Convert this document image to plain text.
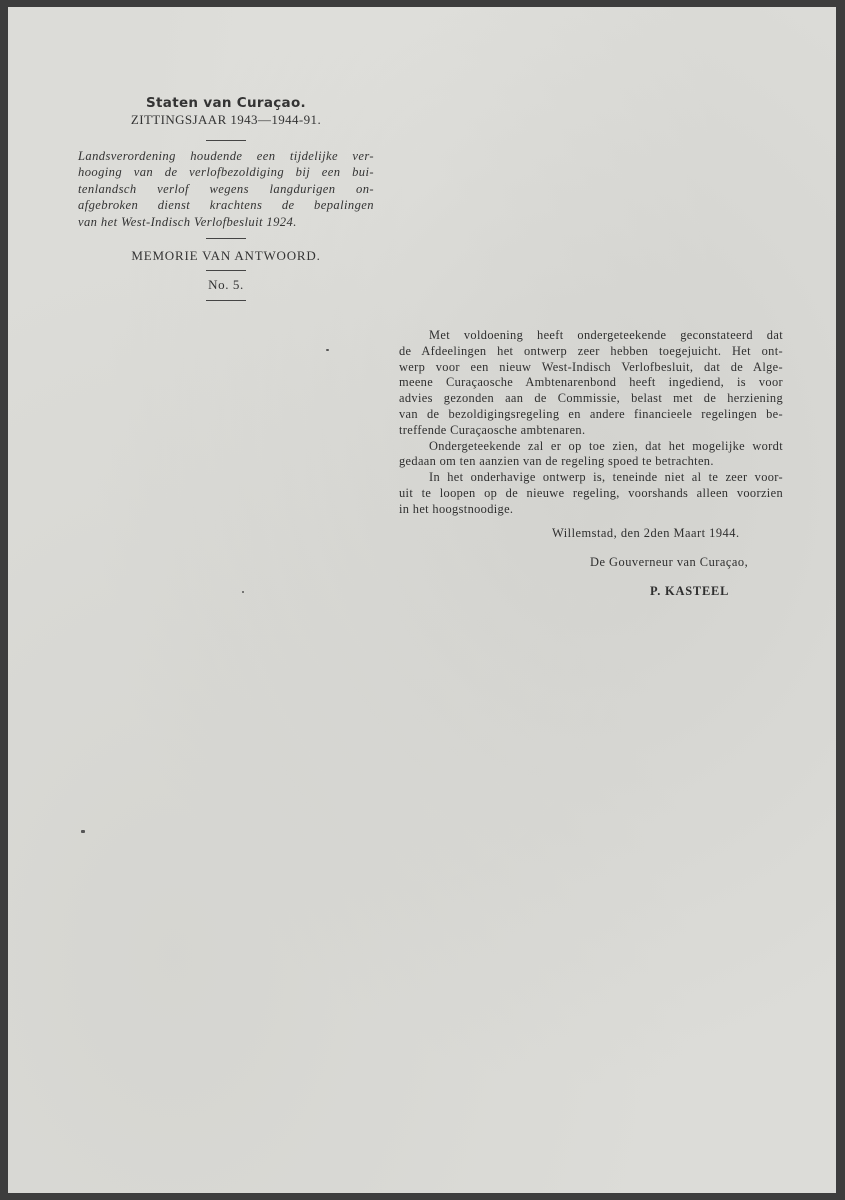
Staten van Curaçao.
ZITTINGSJAAR 1943—1944-91.
Landsverordening houdende een tijdelijke ver-
hooging van de verlofbezoldiging bij een bui-
tenlandsch verlof wegens langdurigen on-
afgebroken dienst krachtens de bepalingen
van het West-Indisch Verlofbesluit 1924.
MEMORIE VAN ANTWOORD.
No. 5.
Met voldoening heeft ondergeteekende geconstateerd dat
de Afdeelingen het ontwerp zeer hebben toegejuicht. Het ont-
werp voor een nieuw West-Indisch Verlofbesluit, dat de Alge-
meene Curaçaosche Ambtenarenbond heeft ingediend, is voor
advies gezonden aan de Commissie, belast met de herziening
van de bezoldigingsregeling en andere financieele regelingen be-
treffende Curaçaosche ambtenaren.
Ondergeteekende zal er op toe zien, dat het mogelijke wordt
gedaan om ten aanzien van de regeling spoed te betrachten.
In het onderhavige ontwerp is, teneinde niet al te zeer voor-
uit te loopen op de nieuwe regeling, voorshands alleen voorzien
in het hoogstnoodige.
Willemstad, den 2den Maart 1944.
De Gouverneur van Curaçao,
P. KASTEEL
